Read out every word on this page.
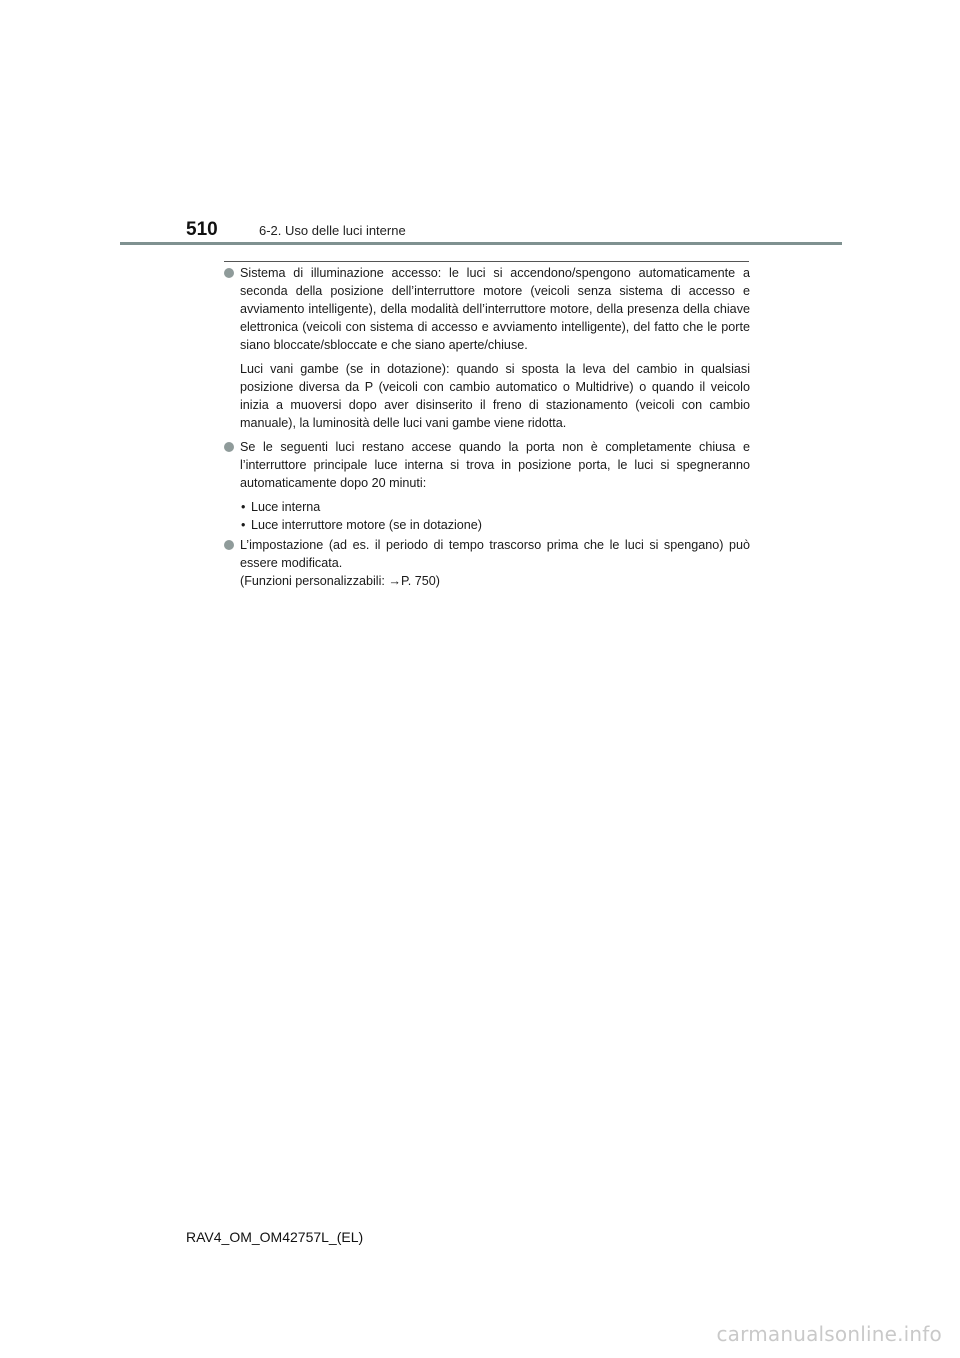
510	6-2. Uso delle luci interne
Sistema di illuminazione accesso: le luci si accendono/spengono automaticamente a seconda della posizione dell’interruttore motore (veicoli senza sistema di accesso e avviamento intelligente), della modalità dell’interruttore motore, della presenza della chiave elettronica (veicoli con sistema di accesso e avviamento intelligente), del fatto che le porte siano bloccate/sbloccate e che siano aperte/chiuse.
Luci vani gambe (se in dotazione): quando si sposta la leva del cambio in qualsiasi posizione diversa da P (veicoli con cambio automatico o Multidrive) o quando il veicolo inizia a muoversi dopo aver disinserito il freno di stazionamento (veicoli con cambio manuale), la luminosità delle luci vani gambe viene ridotta.
Se le seguenti luci restano accese quando la porta non è completamente chiusa e l’interruttore principale luce interna si trova in posizione porta, le luci si spegneranno automaticamente dopo 20 minuti:
• Luce interna
• Luce interruttore motore (se in dotazione)
L’impostazione (ad es. il periodo di tempo trascorso prima che le luci si spengano) può essere modificata.
(Funzioni personalizzabili: →P. 750)
RAV4_OM_OM42757L_(EL)
carmanualsonline.info
